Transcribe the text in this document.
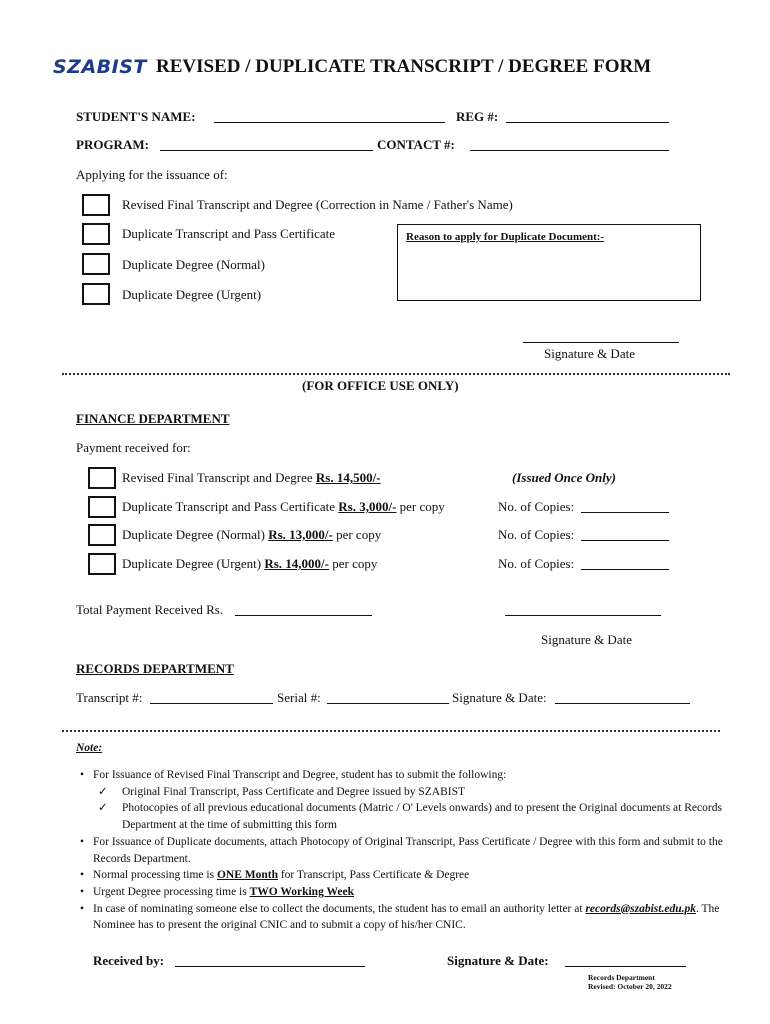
SZABIST REVISED / DUPLICATE TRANSCRIPT / DEGREE FORM
STUDENT'S NAME:	REG #:
PROGRAM:	CONTACT #:
Applying for the issuance of:
Revised Final Transcript and Degree (Correction in Name / Father's Name)
Duplicate Transcript and Pass Certificate
Duplicate Degree (Normal)
Duplicate Degree (Urgent)
Reason to apply for Duplicate Document:-
Signature & Date
(FOR OFFICE USE ONLY)
FINANCE DEPARTMENT
Payment received for:
Revised Final Transcript and Degree Rs. 14,500/-	(Issued Once Only)
Duplicate Transcript and Pass Certificate Rs. 3,000/- per copy	No. of Copies:
Duplicate Degree (Normal) Rs. 13,000/- per copy	No. of Copies:
Duplicate Degree (Urgent) Rs. 14,000/- per copy	No. of Copies:
Total Payment Received Rs.
Signature & Date
RECORDS DEPARTMENT
Transcript #:	Serial #:	Signature & Date:
Note:
• For Issuance of Revised Final Transcript and Degree, student has to submit the following:
✓ Original Final Transcript, Pass Certificate and Degree issued by SZABIST
✓ Photocopies of all previous educational documents (Matric / O' Levels onwards) and to present the Original documents at Records Department at the time of submitting this form
• For Issuance of Duplicate documents, attach Photocopy of Original Transcript, Pass Certificate / Degree with this form and submit to the Records Department.
• Normal processing time is ONE Month for Transcript, Pass Certificate & Degree
• Urgent Degree processing time is TWO Working Week
• In case of nominating someone else to collect the documents, the student has to email an authority letter at records@szabist.edu.pk. The Nominee has to present the original CNIC and to submit a copy of his/her CNIC.
Received by:	Signature & Date:
Records Department
Revised: October 20, 2022
